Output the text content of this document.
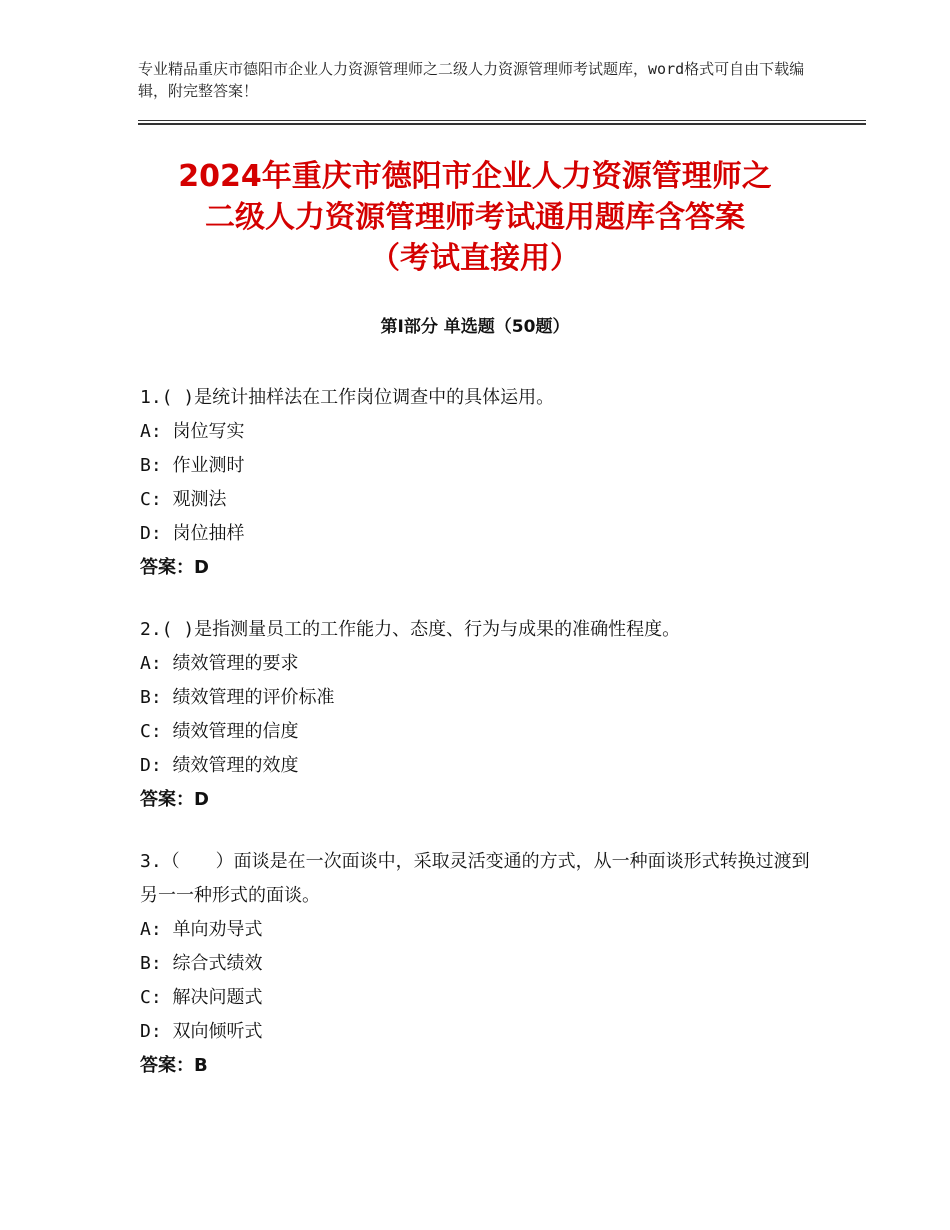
专业精品重庆市德阳市企业人力资源管理师之二级人力资源管理师考试题库，word格式可自由下载编辑，附完整答案！
2024年重庆市德阳市企业人力资源管理师之
二级人力资源管理师考试通用题库含答案
（考试直接用）
第Ⅰ部分 单选题（50题）
1.( )是统计抽样法在工作岗位调查中的具体运用。
A: 岗位写实
B: 作业测时
C: 观测法
D: 岗位抽样
答案：D
2.( )是指测量员工的工作能力、态度、行为与成果的准确性程度。
A: 绩效管理的要求
B: 绩效管理的评价标准
C: 绩效管理的信度
D: 绩效管理的效度
答案：D
3.（　　）面谈是在一次面谈中，采取灵活变通的方式，从一种面谈形式转换过渡到另一一种形式的面谈。
A: 单向劝导式
B: 综合式绩效
C: 解决问题式
D: 双向倾听式
答案：B
